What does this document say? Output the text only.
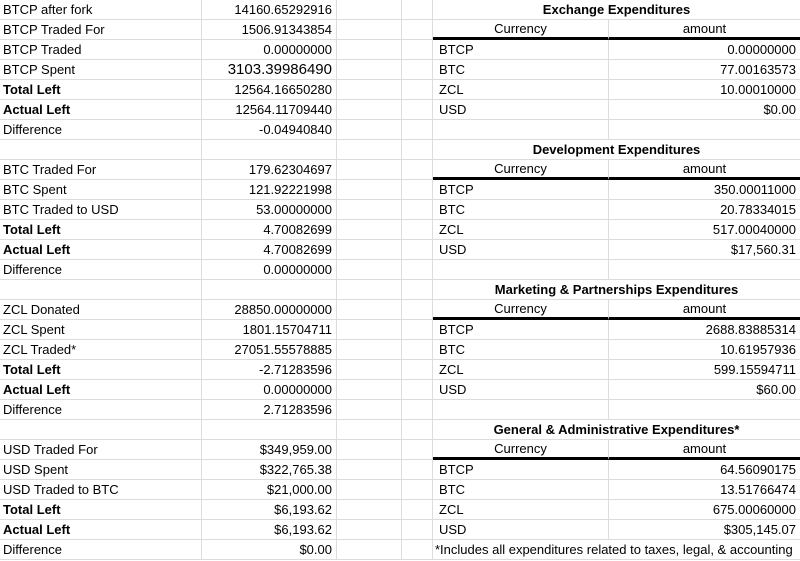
BTCP after fork	14160.65292916	Exchange Expenditures
BTCP Traded For	1506.91343854	Currency	amount
BTCP Traded	0.00000000	BTCP	0.00000000
BTCP Spent	3103.39986490	BTC	77.00163573
Total Left	12564.16650280	ZCL	10.00010000
Actual Left	12564.11709440	USD	$0.00
Difference	-0.04940840
Development Expenditures
BTC Traded For	179.62304697	Currency	amount
BTC Spent	121.92221998	BTCP	350.00011000
BTC Traded to USD	53.00000000	BTC	20.78334015
Total Left	4.70082699	ZCL	517.00040000
Actual Left	4.70082699	USD	$17,560.31
Difference	0.00000000
Marketing & Partnerships Expenditures
ZCL Donated	28850.00000000	Currency	amount
ZCL Spent	1801.15704711	BTCP	2688.83885314
ZCL Traded*	27051.55578885	BTC	10.61957936
Total Left	-2.71283596	ZCL	599.15594711
Actual Left	0.00000000	USD	$60.00
Difference	2.71283596
General & Administrative Expenditures*
USD Traded For	$349,959.00	Currency	amount
USD Spent	$322,765.38	BTCP	64.56090175
USD Traded to BTC	$21,000.00	BTC	13.51766474
Total Left	$6,193.62	ZCL	675.00060000
Actual Left	$6,193.62	USD	$305,145.07
Difference	$0.00	*Includes all expenditures related to taxes, legal, & accounting
